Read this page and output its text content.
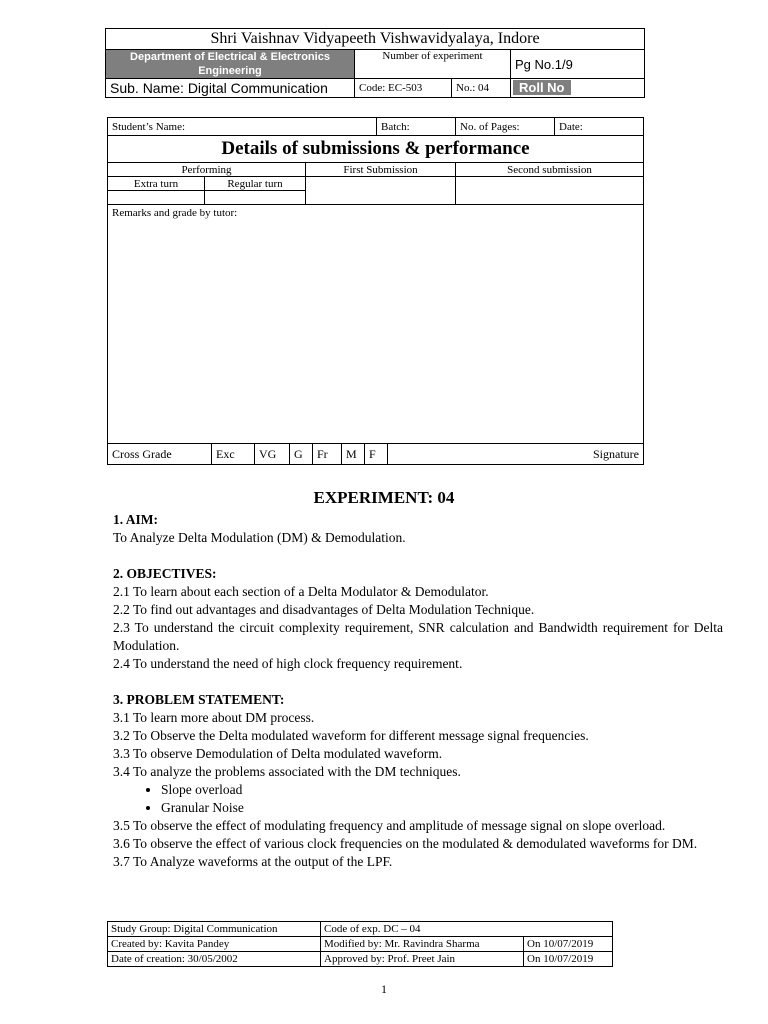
Shri Vaishnav Vidyapeeth Vishwavidyalaya, Indore			
Department of Electrical & Electronics Engineering	Number of experiment		Pg No.1/9
Sub. Name: Digital Communication	Code: EC-503	No.: 04	Roll No
Student’s Name:	Batch:	No. of Pages:	Date:
Details of submissions & performance
Performing	First Submission	Second submission
Extra turn	Regular turn		

Remarks and grade by tutor:

Cross Grade	Exc	VG	G	Fr	M	F	Signature
EXPERIMENT: 04

1. AIM:

To Analyze Delta Modulation (DM) & Demodulation.

2. OBJECTIVES:

2.1 To learn about each section of a Delta Modulator & Demodulator.

2.2 To find out advantages and disadvantages of Delta Modulation Technique.

2.3 To understand the circuit complexity requirement, SNR calculation and Bandwidth requirement for Delta Modulation.

2.4 To understand the need of high clock frequency requirement.

3. PROBLEM STATEMENT:

3.1 To learn more about DM process.

3.2 To Observe the Delta modulated waveform for different message signal frequencies.

3.3 To observe Demodulation of Delta modulated waveform.

3.4 To analyze the problems associated with the DM techniques.

• Slope overload
• Granular Noise

3.5 To observe the effect of modulating frequency and amplitude of message signal on slope overload.

3.6 To observe the effect of various clock frequencies on the modulated & demodulated waveforms for DM.

3.7 To Analyze waveforms at the output of the LPF.

Study Group: Digital Communication	Code of exp. DC – 04	
Created by: Kavita Pandey	Modified by: Mr. Ravindra Sharma	On 10/07/2019
Date of creation: 30/05/2002	Approved by: Prof. Preet Jain	On 10/07/2019
1
